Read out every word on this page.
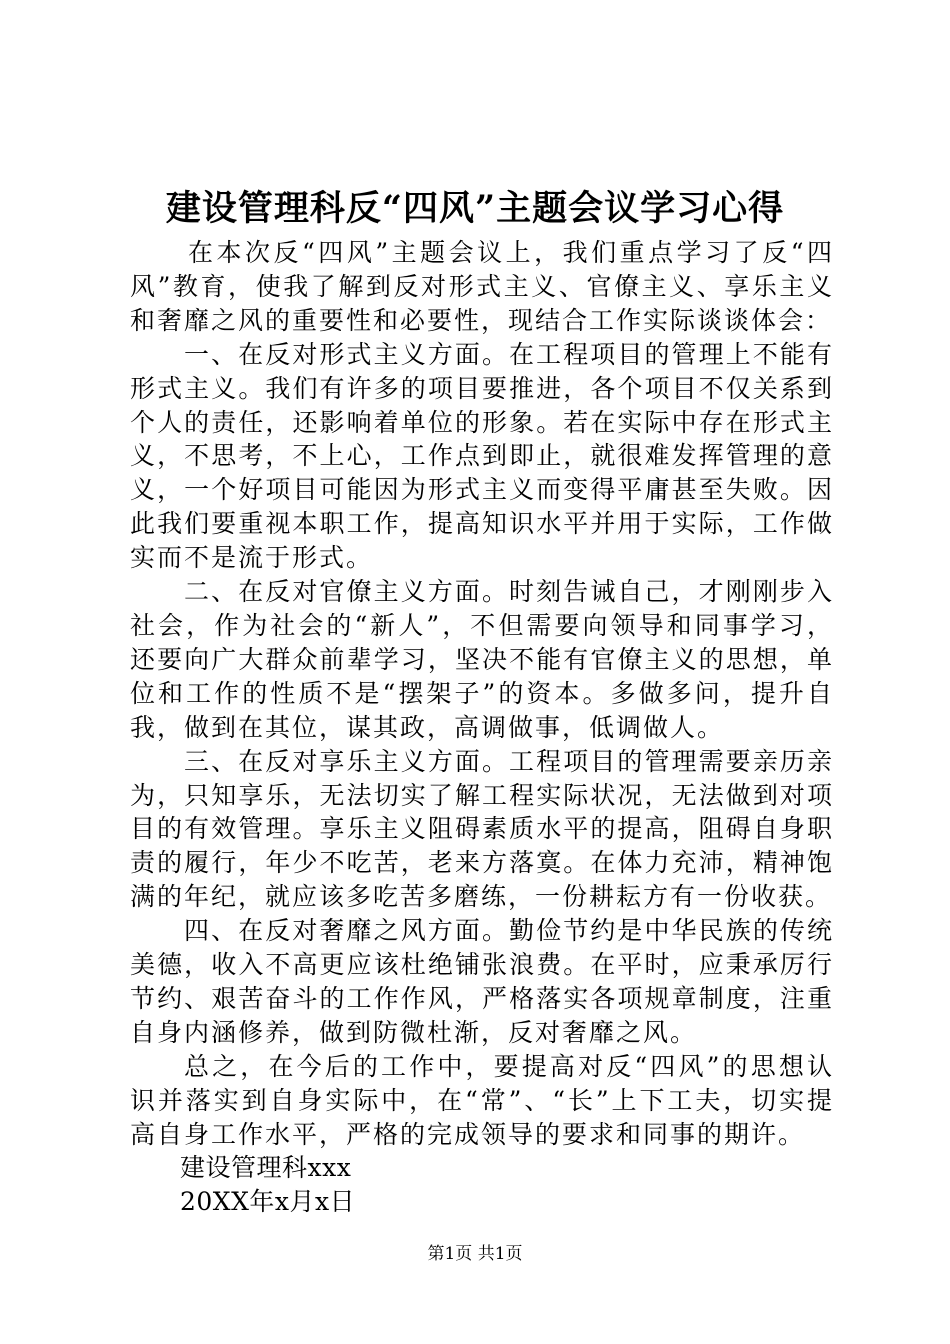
建设管理科反“四风”主题会议学习心得

在本次反“四风”主题会议上，我们重点学习了反“四风”教育，使我了解到反对形式主义、官僚主义、享乐主义和奢靡之风的重要性和必要性，现结合工作实际谈谈体会：

一、在反对形式主义方面。在工程项目的管理上不能有形式主义。我们有许多的项目要推进，各个项目不仅关系到个人的责任，还影响着单位的形象。若在实际中存在形式主义，不思考，不上心，工作点到即止，就很难发挥管理的意义，一个好项目可能因为形式主义而变得平庸甚至失败。因此我们要重视本职工作，提高知识水平并用于实际，工作做实而不是流于形式。

二、在反对官僚主义方面。时刻告诫自己，才刚刚步入社会，作为社会的“新人”，不但需要向领导和同事学习，还要向广大群众前辈学习，坚决不能有官僚主义的思想，单位和工作的性质不是“摆架子”的资本。多做多问，提升自我，做到在其位，谋其政，高调做事，低调做人。

三、在反对享乐主义方面。工程项目的管理需要亲历亲为，只知享乐，无法切实了解工程实际状况，无法做到对项目的有效管理。享乐主义阻碍素质水平的提高，阻碍自身职责的履行，年少不吃苦，老来方落寞。在体力充沛，精神饱满的年纪，就应该多吃苦多磨练，一份耕耘方有一份收获。

四、在反对奢靡之风方面。勤俭节约是中华民族的传统美德，收入不高更应该杜绝铺张浪费。在平时，应秉承厉行节约、艰苦奋斗的工作作风，严格落实各项规章制度，注重自身内涵修养，做到防微杜渐，反对奢靡之风。

总之，在今后的工作中，要提高对反“四风”的思想认识并落实到自身实际中，在“常”、“长”上下工夫，切实提高自身工作水平，严格的完成领导的要求和同事的期许。

建设管理科xxx

20XX年x月x日

第1页 共1页
